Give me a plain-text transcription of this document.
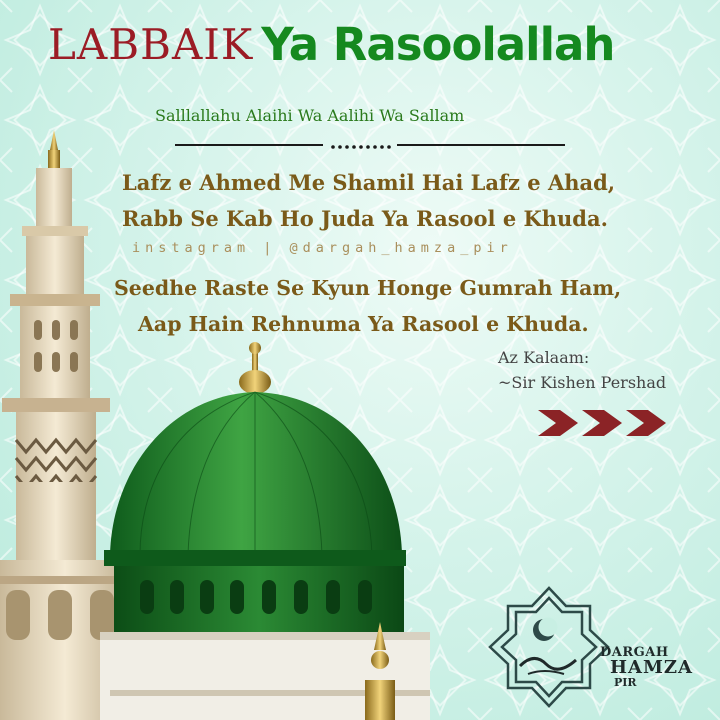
LABBAIK Ya Rasoolallah
Salllallahu Alaihi Wa Aalihi Wa Sallam
Lafz e Ahmed Me Shamil Hai Lafz e Ahad,
Rabb Se Kab Ho Juda Ya Rasool e Khuda.
instagram | @dargah_hamza_pir
Seedhe Raste Se Kyun Honge Gumrah Ham,
Aap Hain Rehnuma Ya Rasool e Khuda.
Az Kalaam:
~Sir Kishen Pershad
DARGAH
HAMZA
PIR
